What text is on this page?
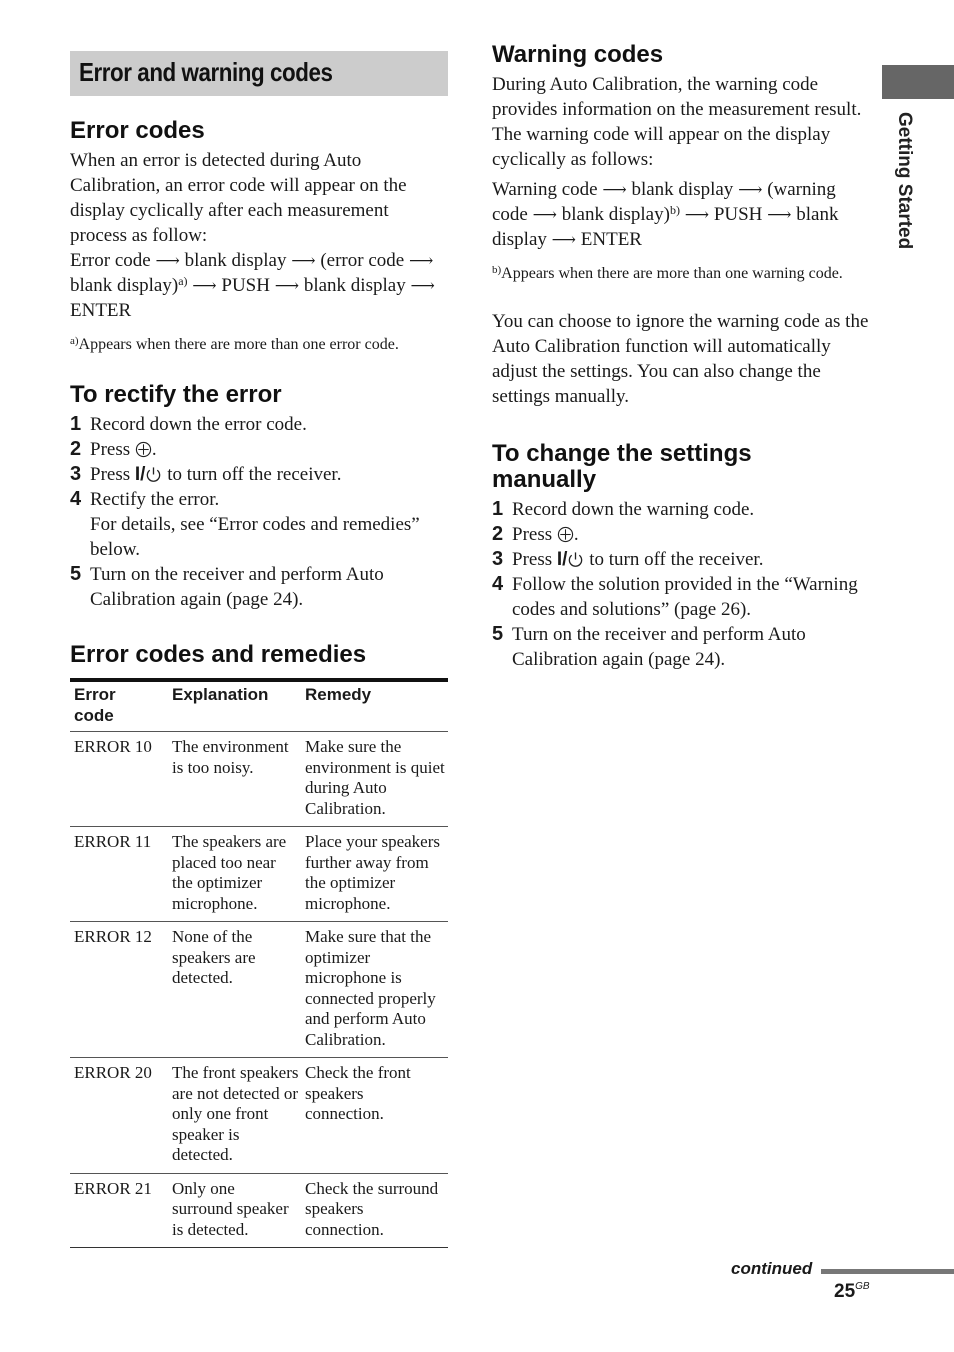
Error and warning codes
Getting Started
Error codes

When an error is detected during Auto Calibration, an error code will appear on the display cyclically after each measurement process as follow:

Error code ⟶ blank display ⟶ (error code ⟶ blank display)$^{a)}$ ⟶ PUSH ⟶ blank display ⟶ ENTER

$^{a)}$Appears when there are more than one error code.

To rectify the error
1 Record down the error code.
2 Press .
3 Press I/ to turn off the receiver.
4 Rectify the error.
For details, see “Error codes and remedies” below.
5 Turn on the receiver and perform Auto Calibration again (page 24).
Error codes and remedies
Error code	Explanation	Remedy
ERROR 10	The environment is too noisy.	Make sure the environment is quiet during Auto Calibration.
ERROR 11	The speakers are placed too near the optimizer microphone.	Place your speakers further away from the optimizer microphone.
ERROR 12	None of the speakers are detected.	Make sure that the optimizer microphone is connected properly and perform Auto Calibration.
ERROR 20	The front speakers are not detected or only one front speaker is detected.	Check the front speakers connection.
ERROR 21	Only one surround speaker is detected.	Check the surround speakers connection.
Warning codes

During Auto Calibration, the warning code provides information on the measurement result. The warning code will appear on the display cyclically as follows:

Warning code ⟶ blank display ⟶ (warning code ⟶ blank display)$^{b)}$ ⟶ PUSH ⟶ blank display ⟶ ENTER

$^{b)}$Appears when there are more than one warning code.

You can choose to ignore the warning code as the Auto Calibration function will automatically adjust the settings. You can also change the settings manually.

To change the settings manually
1 Record down the warning code.
2 Press .
3 Press I/ to turn off the receiver.
4 Follow the solution provided in the “Warning codes and solutions” (page 26).
5 Turn on the receiver and perform Auto Calibration again (page 24).
continued
$25^{GB}$
